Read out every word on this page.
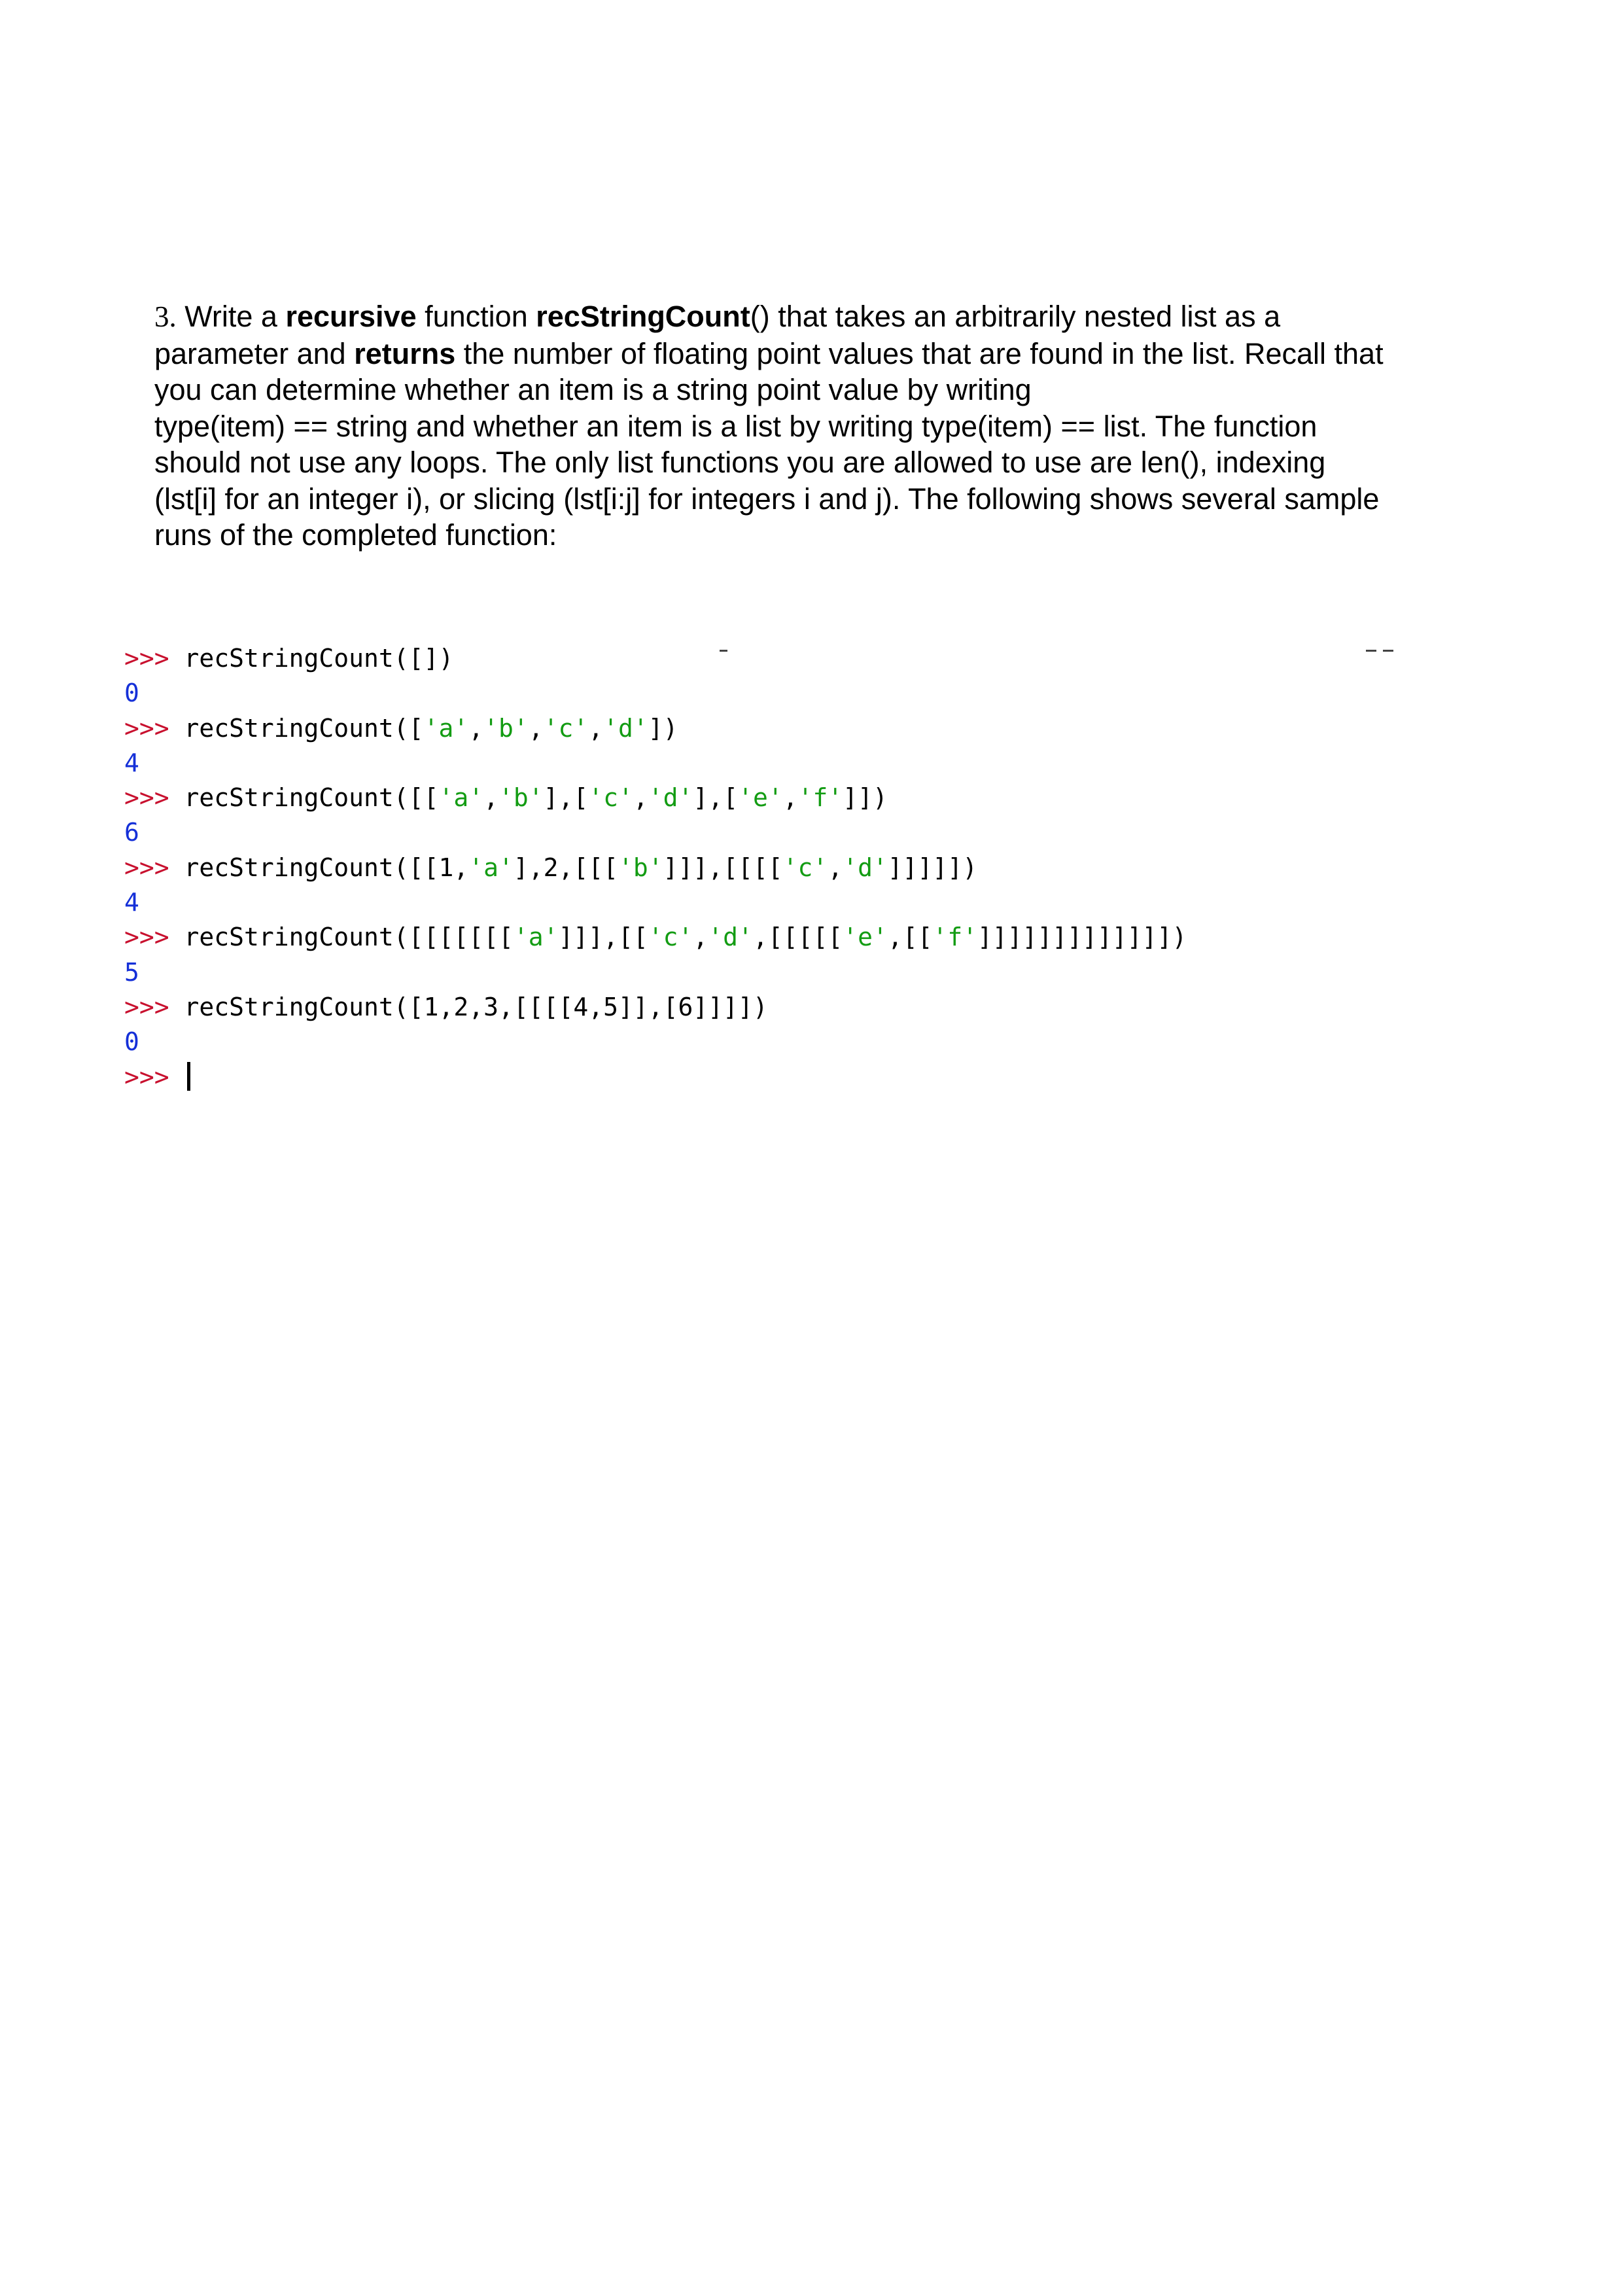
3. Write a recursive function recStringCount() that takes an arbitrarily nested list as a
parameter and returns the number of floating point values that are found in the list. Recall that
you can determine whether an item is a string point value by writing
type(item) == string and whether an item is a list by writing type(item) == list. The function
should not use any loops. The only list functions you are allowed to use are len(), indexing
(lst[i] for an integer i), or slicing (lst[i:j] for integers i and j). The following shows several sample
runs of the completed function:
>>> recStringCount([])
0
>>> recStringCount(['a','b','c','d'])
4
>>> recStringCount([['a','b'],['c','d'],['e','f']])
6
>>> recStringCount([[1,'a'],2,[[['b']]],[[[['c','d']]]]])
4
>>> recStringCount([[[[[[['a']]],[['c','d',[[[[['e',[['f']]]]]]]]]]]]])
5
>>> recStringCount([1,2,3,[[[[4,5]],[6]]]])
0
>>>
